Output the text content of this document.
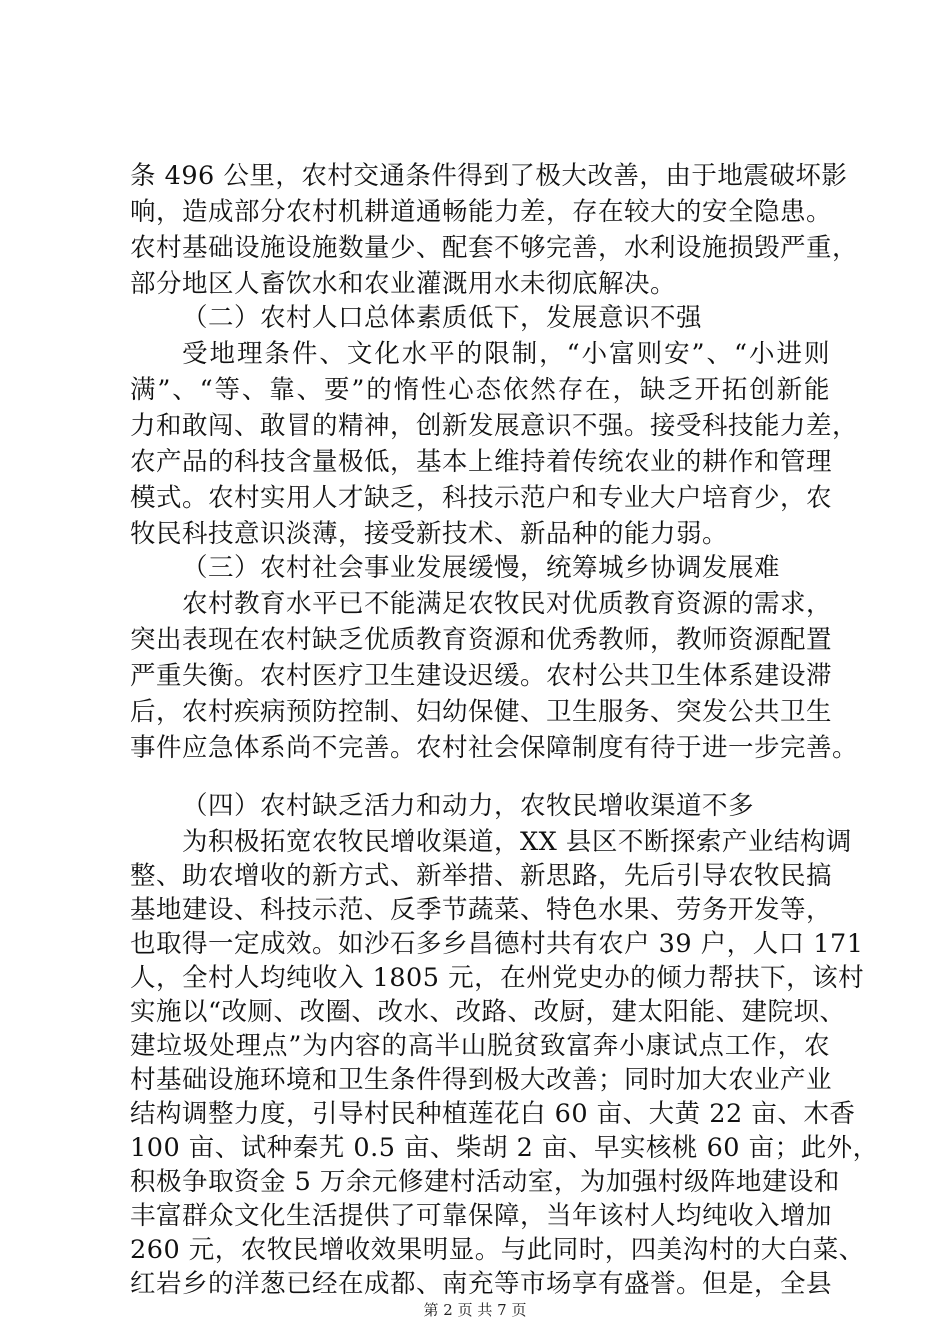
条 496 公里，农村交通条件得到了极大改善，由于地震破坏影
响，造成部分农村机耕道通畅能力差，存在较大的安全隐患。
农村基础设施设施数量少、配套不够完善，水利设施损毁严重，
部分地区人畜饮水和农业灌溉用水未彻底解决。
（二）农村人口总体素质低下，发展意识不强
受地理条件、文化水平的限制，“小富则安”、“小进则
满”、“等、靠、要”的惰性心态依然存在，缺乏开拓创新能
力和敢闯、敢冒的精神，创新发展意识不强。接受科技能力差，
农产品的科技含量极低，基本上维持着传统农业的耕作和管理
模式。农村实用人才缺乏，科技示范户和专业大户培育少，农
牧民科技意识淡薄，接受新技术、新品种的能力弱。
（三）农村社会事业发展缓慢，统筹城乡协调发展难
农村教育水平已不能满足农牧民对优质教育资源的需求，
突出表现在农村缺乏优质教育资源和优秀教师，教师资源配置
严重失衡。农村医疗卫生建设迟缓。农村公共卫生体系建设滞
后，农村疾病预防控制、妇幼保健、卫生服务、突发公共卫生
事件应急体系尚不完善。农村社会保障制度有待于进一步完善。
（四）农村缺乏活力和动力，农牧民增收渠道不多
为积极拓宽农牧民增收渠道，XX 县区不断探索产业结构调
整、助农增收的新方式、新举措、新思路，先后引导农牧民搞
基地建设、科技示范、反季节蔬菜、特色水果、劳务开发等，
也取得一定成效。如沙石多乡昌德村共有农户 39 户，人口 171
人，全村人均纯收入 1805 元，在州党史办的倾力帮扶下，该村
实施以“改厕、改圈、改水、改路、改厨，建太阳能、建院坝、
建垃圾处理点”为内容的高半山脱贫致富奔小康试点工作，农
村基础设施环境和卫生条件得到极大改善；同时加大农业产业
结构调整力度，引导村民种植莲花白 60 亩、大黄 22 亩、木香
100 亩、试种秦艽 0.5 亩、柴胡 2 亩、早实核桃 60 亩；此外，
积极争取资金 5 万余元修建村活动室，为加强村级阵地建设和
丰富群众文化生活提供了可靠保障，当年该村人均纯收入增加
260 元，农牧民增收效果明显。与此同时，四美沟村的大白菜、
第 2 页 共 7 页
红岩乡的洋葱已经在成都、南充等市场享有盛誉。但是，全县
